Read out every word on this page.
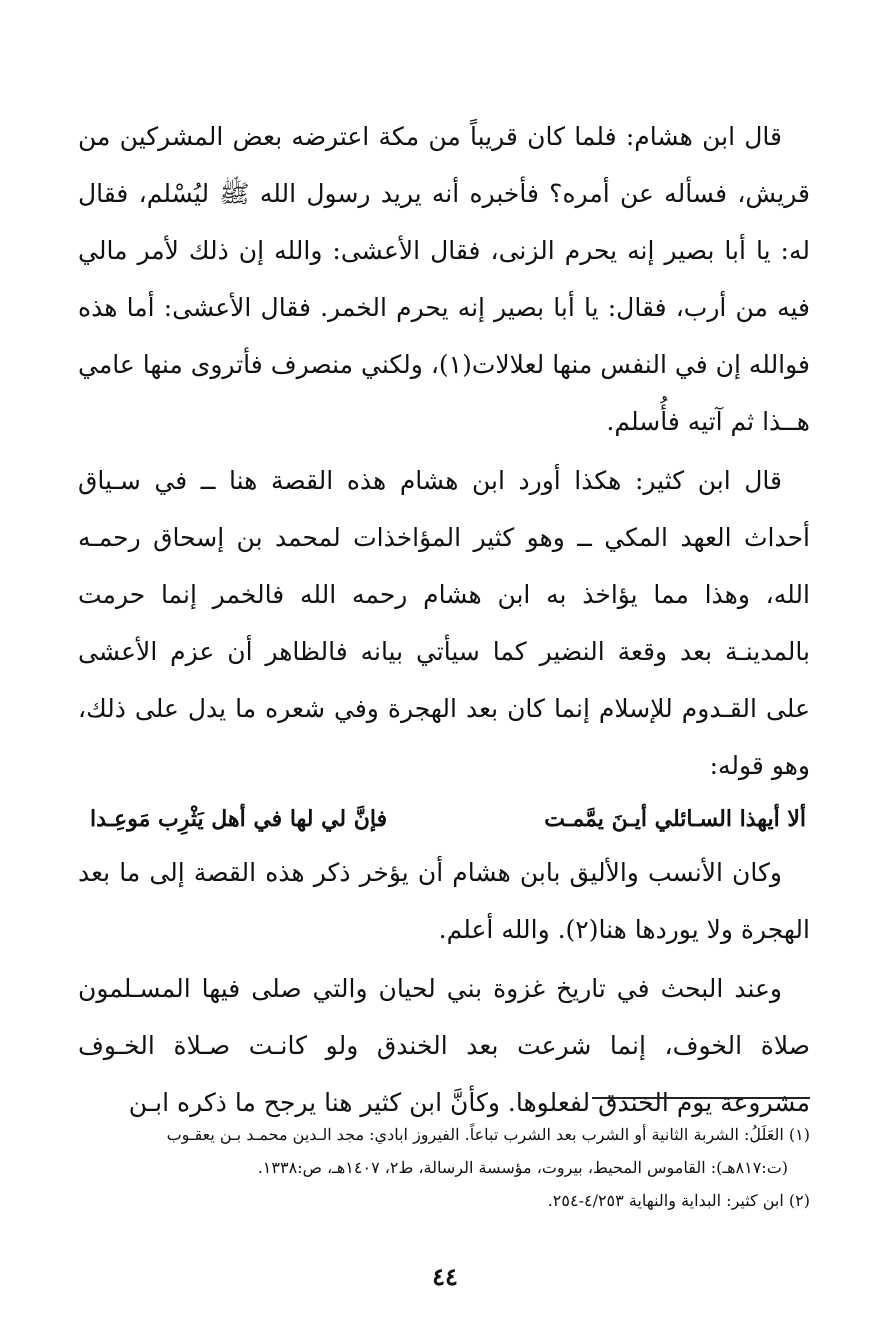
قال ابن هشام: فلما كان قريباً من مكة اعترضه بعض المشركين من قريش، فسأله عن أمره؟ فأخبره أنه يريد رسول الله ﷺ ليُسْلم، فقال له: يا أبا بصير إنه يحرم الزنى، فقال الأعشى: والله إن ذلك لأمر مالي فيه من أرب، فقال: يا أبا بصير إنه يحرم الخمر. فقال الأعشى: أما هذه فوالله إن في النفس منها لعلالات(١)، ولكني منصرف فأتروى منها عامي هــذا ثم آتيه فأُسلم.

قال ابن كثير: هكذا أورد ابن هشام هذه القصة هنا ــ في سـياق أحداث العهد المكي ــ وهو كثير المؤاخذات لمحمد بن إسحاق رحمـه الله، وهذا مما يؤاخذ به ابن هشام رحمه الله فالخمر إنما حرمت بالمدينـة بعد وقعة النضير كما سيأتي بيانه فالظاهر أن عزم الأعشى على القـدوم للإسلام إنما كان بعد الهجرة وفي شعره ما يدل على ذلك، وهو قوله:

ألا أيهذا السـائلي أيـنَ يمَّمـت
فإنَّ لي لها في أهل يَثْرِب مَوعِـدا

وكان الأنسب والأليق بابن هشام أن يؤخر ذكر هذه القصة إلى ما بعد الهجرة ولا يوردها هنا(٢). والله أعلم.

وعند البحث في تاريخ غزوة بني لحيان والتي صلى فيها المسـلمون صلاة الخوف، إنما شرعت بعد الخندق ولو كانـت صـلاة الخـوف مشروعة يوم الخندق لفعلوها. وكأنَّ ابن كثير هنا يرجح ما ذكره ابـن

(١) العَلَلُ: الشربة الثانية أو الشرب بعد الشرب تباعاً. الفيروز ابادي: مجد الـدين محمـد بـن يعقـوب
(ت:٨١٧هـ): القاموس المحيط، بيروت، مؤسسة الرسالة، ط٢، ١٤٠٧هـ، ص:١٣٣٨.

(٢) ابن كثير: البداية والنهاية ٤/٢٥٣-٢٥٤.

٤٤
